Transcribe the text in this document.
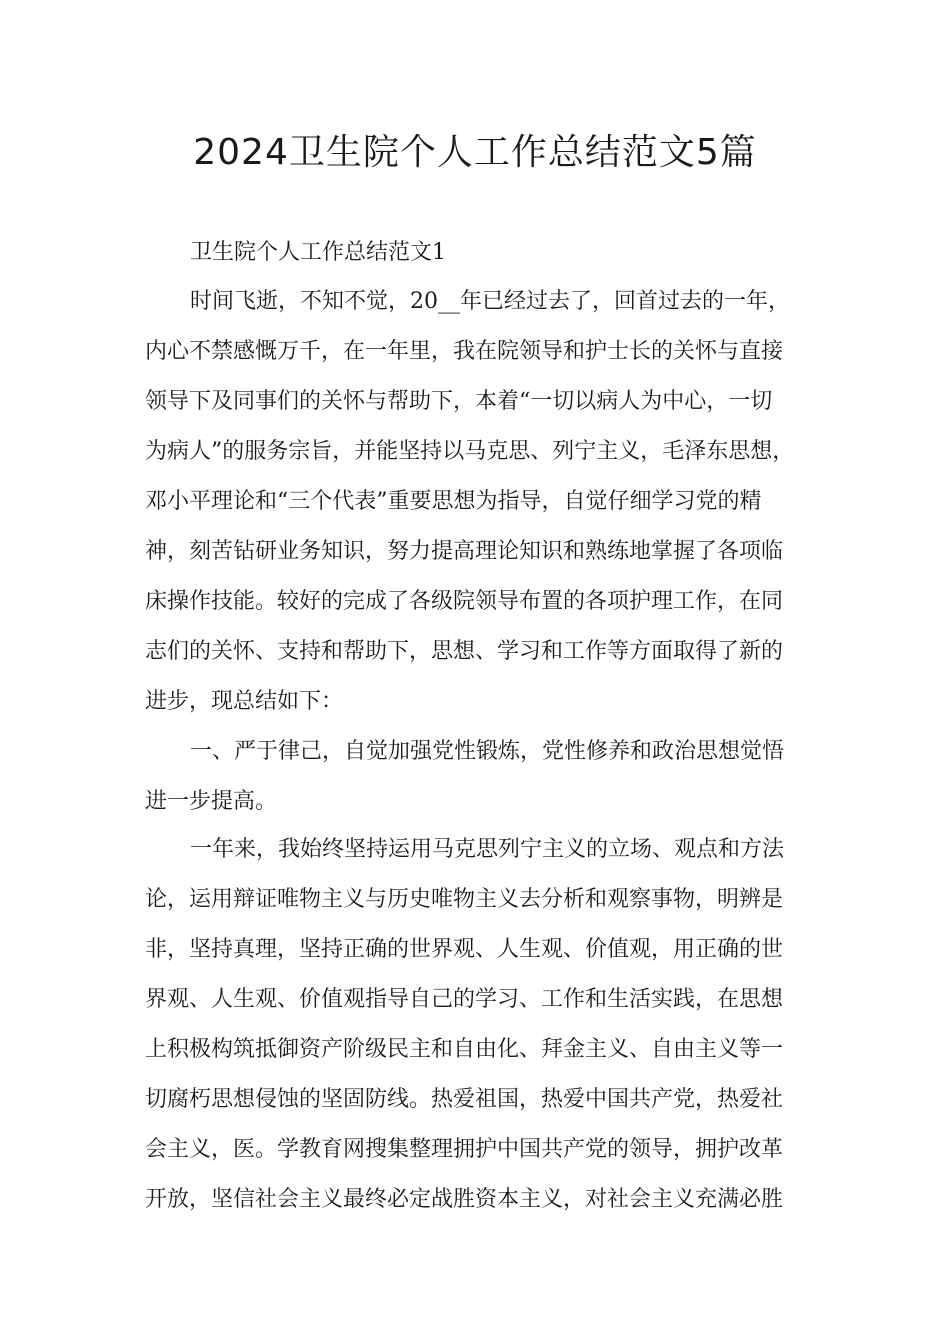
2024卫生院个人工作总结范文5篇
卫生院个人工作总结范文1
时间飞逝，不知不觉，20__年已经过去了，回首过去的一年，
内心不禁感慨万千，在一年里，我在院领导和护士长的关怀与直接
领导下及同事们的关怀与帮助下，本着“一切以病人为中心，一切
为病人”的服务宗旨，并能坚持以马克思、列宁主义，毛泽东思想，
邓小平理论和“三个代表”重要思想为指导，自觉仔细学习党的精
神，刻苦钻研业务知识，努力提高理论知识和熟练地掌握了各项临
床操作技能。较好的完成了各级院领导布置的各项护理工作，在同
志们的关怀、支持和帮助下，思想、学习和工作等方面取得了新的
进步，现总结如下：
一、严于律己，自觉加强党性锻炼，党性修养和政治思想觉悟
进一步提高。
一年来，我始终坚持运用马克思列宁主义的立场、观点和方法
论，运用辩证唯物主义与历史唯物主义去分析和观察事物，明辨是
非，坚持真理，坚持正确的世界观、人生观、价值观，用正确的世
界观、人生观、价值观指导自己的学习、工作和生活实践，在思想
上积极构筑抵御资产阶级民主和自由化、拜金主义、自由主义等一
切腐朽思想侵蚀的坚固防线。热爱祖国，热爱中国共产党，热爱社
会主义，医。学教育网搜集整理拥护中国共产党的领导，拥护改革
开放，坚信社会主义最终必定战胜资本主义，对社会主义充满必胜
